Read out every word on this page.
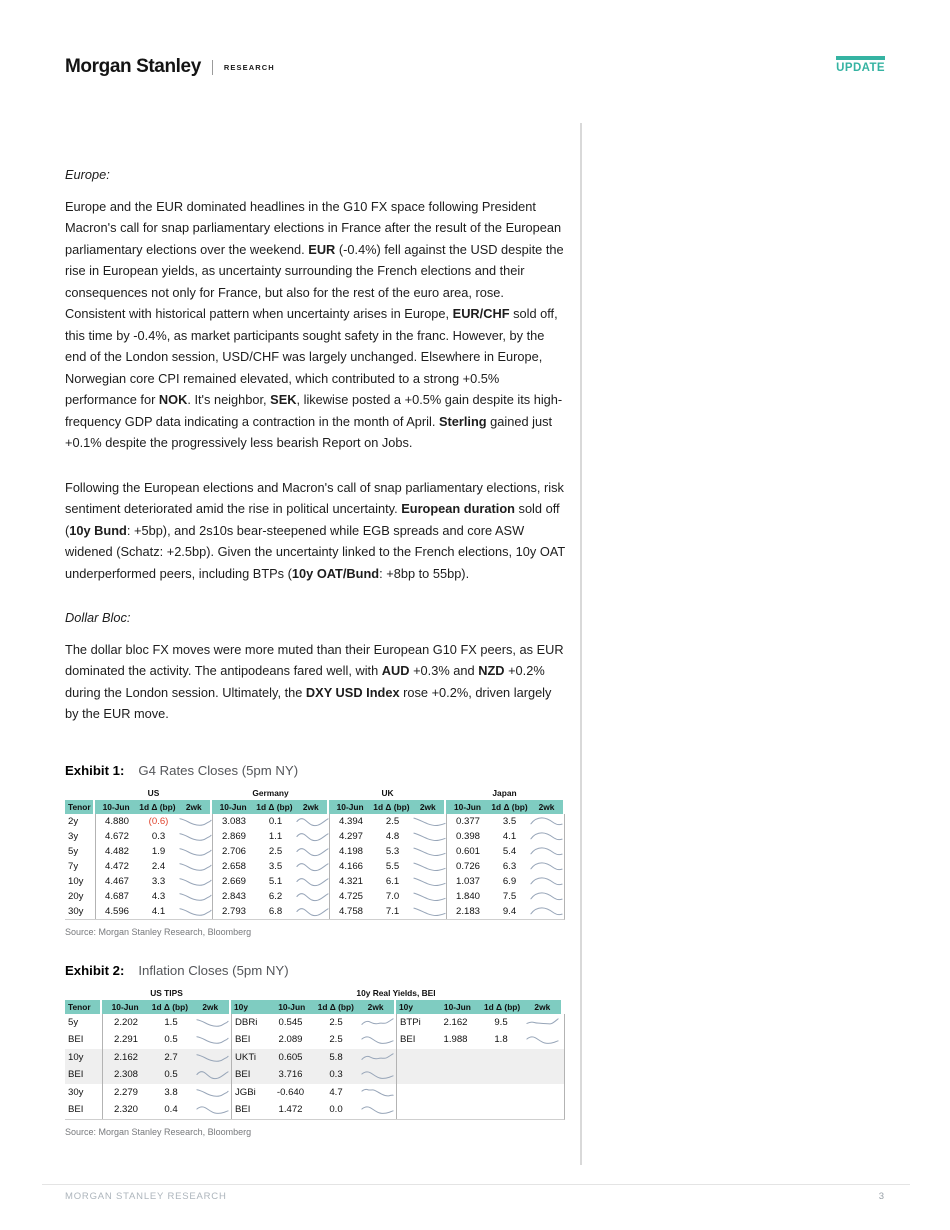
Morgan Stanley	RESEARCH	UPDATE

Europe:

Europe and the EUR dominated headlines in the G10 FX space following President Macron's call for snap parliamentary elections in France after the result of the European parliamentary elections over the weekend. EUR (-0.4%) fell against the USD despite the rise in European yields, as uncertainty surrounding the French elections and their consequences not only for France, but also for the rest of the euro area, rose. Consistent with historical pattern when uncertainty arises in Europe, EUR/CHF sold off, this time by -0.4%, as market participants sought safety in the franc. However, by the end of the London session, USD/CHF was largely unchanged. Elsewhere in Europe, Norwegian core CPI remained elevated, which contributed to a strong +0.5% performance for NOK. It's neighbor, SEK, likewise posted a +0.5% gain despite its high-frequency GDP data indicating a contraction in the month of April. Sterling gained just +0.1% despite the progressively less bearish Report on Jobs.

Following the European elections and Macron's call of snap parliamentary elections, risk sentiment deteriorated amid the rise in political uncertainty. European duration sold off (10y Bund: +5bp), and 2s10s bear-steepened while EGB spreads and core ASW widened (Schatz: +2.5bp). Given the uncertainty linked to the French elections, 10y OAT underperformed peers, including BTPs (10y OAT/Bund: +8bp to 55bp).

Dollar Bloc:

The dollar bloc FX moves were more muted than their European G10 FX peers, as EUR dominated the activity. The antipodeans fared well, with AUD +0.3% and NZD +0.2% during the London session. Ultimately, the DXY USD Index rose +0.2%, driven largely by the EUR move.

Exhibit 1: G4 Rates Closes (5pm NY)
US	Germany	UK	Japan
Tenor	10-Jun	1d Δ (bp)	2wk	10-Jun	1d Δ (bp)	2wk	10-Jun	1d Δ (bp)	2wk	10-Jun	1d Δ (bp)	2wk
2y	4.880	(0.6)	3.083	0.1	4.394	2.5	0.377	3.5
3y	4.672	0.3	2.869	1.1	4.297	4.8	0.398	4.1
5y	4.482	1.9	2.706	2.5	4.198	5.3	0.601	5.4
7y	4.472	2.4	2.658	3.5	4.166	5.5	0.726	6.3
10y	4.467	3.3	2.669	5.1	4.321	6.1	1.037	6.9
20y	4.687	4.3	2.843	6.2	4.725	7.0	1.840	7.5
30y	4.596	4.1	2.793	6.8	4.758	7.1	2.183	9.4
Source: Morgan Stanley Research, Bloomberg
Exhibit 2: Inflation Closes (5pm NY)
US TIPS	10y Real Yields, BEI
Tenor	10-Jun	1d Δ (bp)	2wk	10y	10-Jun	1d Δ (bp)	2wk	10y	10-Jun	1d Δ (bp)	2wk
5y	2.202	1.5	DBRi	0.545	2.5	BTPi	2.162	9.5
BEI	2.291	0.5	BEI	2.089	2.5	BEI	1.988	1.8
10y	2.162	2.7	UKTi	0.605	5.8
BEI	2.308	0.5	BEI	3.716	0.3
30y	2.279	3.8	JGBi	-0.640	4.7
BEI	2.320	0.4	BEI	1.472	0.0
Source: Morgan Stanley Research, Bloomberg
MORGAN STANLEY RESEARCH	3
